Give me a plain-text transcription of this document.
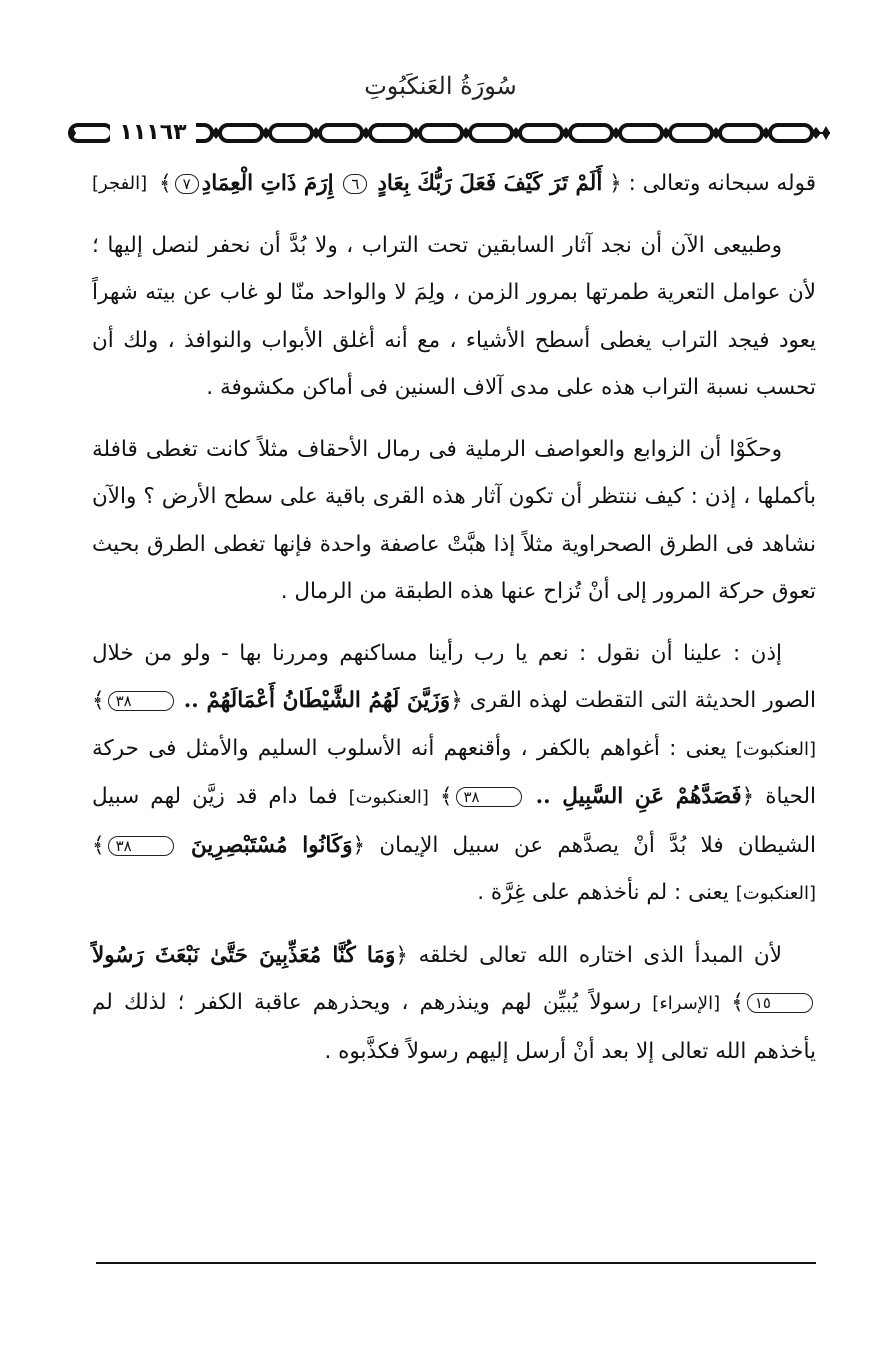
سُورَةُ العَنكَبُوتِ
١١١٦٣
قوله سبحانه وتعالى : ﴿ أَلَمْ تَرَ كَيْفَ فَعَلَ رَبُّكَ بِعَادٍ ٦ إِرَمَ ذَاتِ الْعِمَادِ٧﴾
[الفجر]
وطبيعى الآن أن نجد آثار السابقين تحت التراب ، ولا بُدَّ أن نحفر لنصل إليها ؛ لأن عوامل التعرية طمرتها بمرور الزمن ، ولِمَ لا والواحد منّا لو غاب عن بيته شهراً يعود فيجد التراب يغطى أسطح الأشياء ، مع أنه أغلق الأبواب والنوافذ ، ولك أن تحسب نسبة التراب هذه على مدى آلاف السنين فى أماكن مكشوفة .
وحكَوْا أن الزوابع والعواصف الرملية فى رمال الأحقاف مثلاً كانت تغطى قافلة بأكملها ، إذن : كيف ننتظر أن تكون آثار هذه القرى باقية على سطح الأرض ؟ والآن نشاهد فى الطرق الصحراوية مثلاً إذا هبَّتْ عاصفة واحدة فإنها تغطى الطرق بحيث تعوق حركة المرور إلى أنْ تُزاح عنها هذه الطبقة من الرمال .
إذن : علينا أن نقول : نعم يا رب رأينا مساكنهم ومررنا بها - ولو من خلال الصور الحديثة التى التقطت لهذه القرى ﴿وَزَيَّنَ لَهُمُ الشَّيْطَانُ أَعْمَالَهُمْ .. ٣٨﴾ [العنكبوت] يعنى : أغواهم بالكفر ، وأقنعهم أنه الأسلوب السليم والأمثل فى حركة الحياة ﴿فَصَدَّهُمْ عَنِ السَّبِيلِ .. ٣٨﴾ [العنكبوت] فما دام قد زيَّن لهم سبيل الشيطان فلا بُدَّ أنْ يصدَّهم عن سبيل الإيمان ﴿وَكَانُوا مُسْتَبْصِرِينَ ٣٨﴾ [العنكبوت] يعنى : لم نأخذهم على غِرَّة .
لأن المبدأ الذى اختاره الله تعالى لخلقه ﴿وَمَا كُنَّا مُعَذِّبِينَ حَتَّىٰ نَبْعَثَ رَسُولاً ١٥﴾ [الإسراء] رسولاً يُبيِّن لهم وينذرهم ، ويحذرهم عاقبة الكفر ؛ لذلك لم يأخذهم الله تعالى إلا بعد أنْ أرسل إليهم رسولاً فكذَّبوه .
